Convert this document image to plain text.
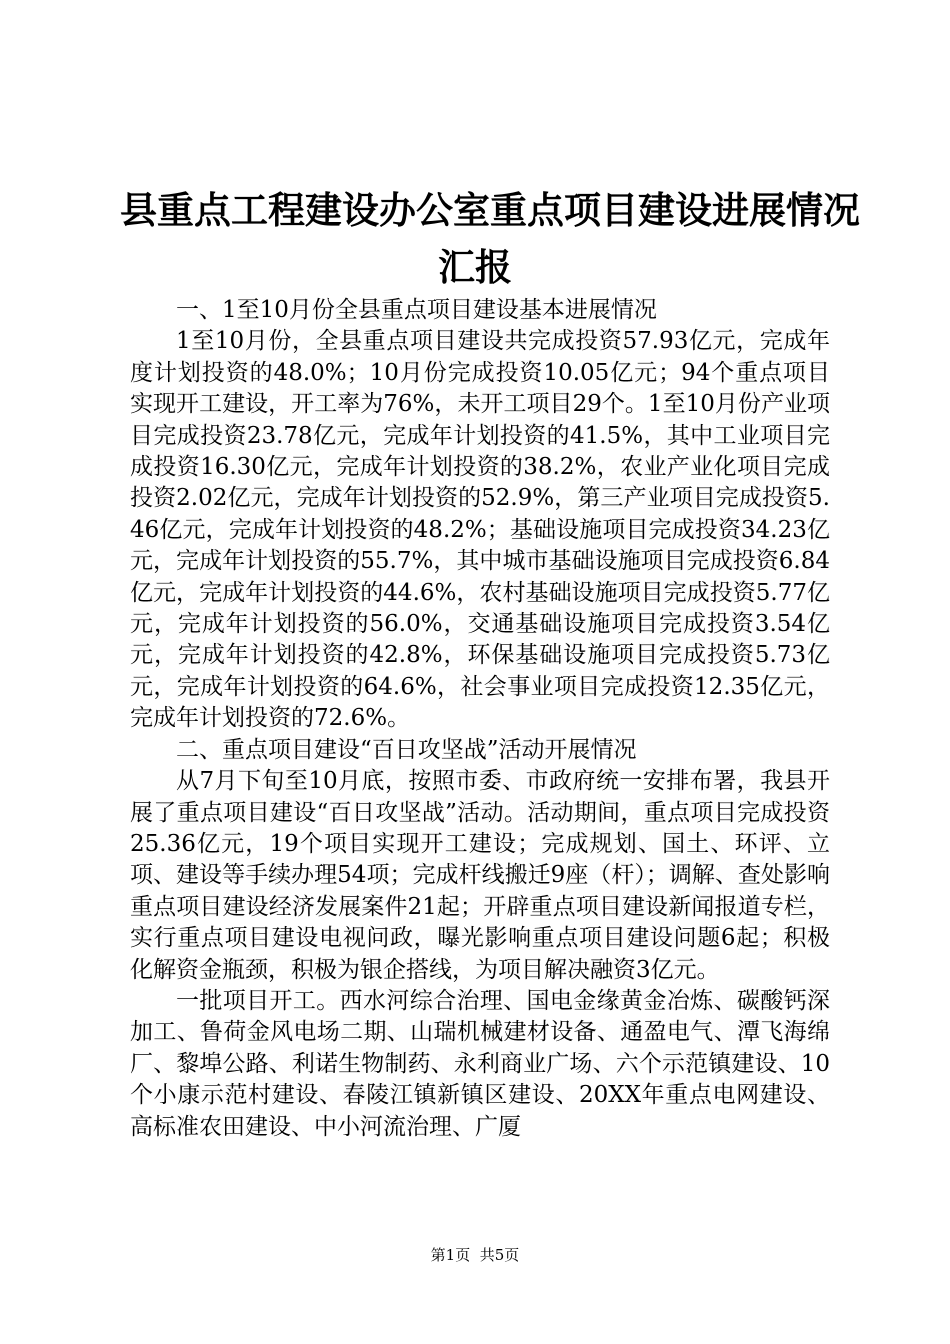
县重点工程建设办公室重点项目建设进展情况
汇报

一、1至10月份全县重点项目建设基本进展情况

1至10月份，全县重点项目建设共完成投资57.93亿元，完成年度计划投资的48.0%；10月份完成投资10.05亿元；94个重点项目实现开工建设，开工率为76%，未开工项目29个。1至10月份产业项目完成投资23.78亿元，完成年计划投资的41.5%，其中工业项目完成投资16.30亿元，完成年计划投资的38.2%，农业产业化项目完成投资2.02亿元，完成年计划投资的52.9%，第三产业项目完成投资5.46亿元，完成年计划投资的48.2%；基础设施项目完成投资34.23亿元，完成年计划投资的55.7%，其中城市基础设施项目完成投资6.84亿元，完成年计划投资的44.6%，农村基础设施项目完成投资5.77亿元，完成年计划投资的56.0%，交通基础设施项目完成投资3.54亿元，完成年计划投资的42.8%，环保基础设施项目完成投资5.73亿元，完成年计划投资的64.6%，社会事业项目完成投资12.35亿元，完成年计划投资的72.6%。

二、重点项目建设“百日攻坚战”活动开展情况

从7月下旬至10月底，按照市委、市政府统一安排布署，我县开展了重点项目建设“百日攻坚战”活动。活动期间，重点项目完成投资25.36亿元，19个项目实现开工建设；完成规划、国土、环评、立项、建设等手续办理54项；完成杆线搬迁9座（杆）；调解、查处影响重点项目建设经济发展案件21起；开辟重点项目建设新闻报道专栏，实行重点项目建设电视问政，曝光影响重点项目建设问题6起；积极化解资金瓶颈，积极为银企搭线，为项目解决融资3亿元。

一批项目开工。西水河综合治理、国电金缘黄金冶炼、碳酸钙深加工、鲁荷金风电场二期、山瑞机械建材设备、通盈电气、潭飞海绵厂、黎埠公路、利诺生物制药、永利商业广场、六个示范镇建设、10个小康示范村建设、春陵江镇新镇区建设、20XX年重点电网建设、高标准农田建设、中小河流治理、广厦

第1页 共5页
